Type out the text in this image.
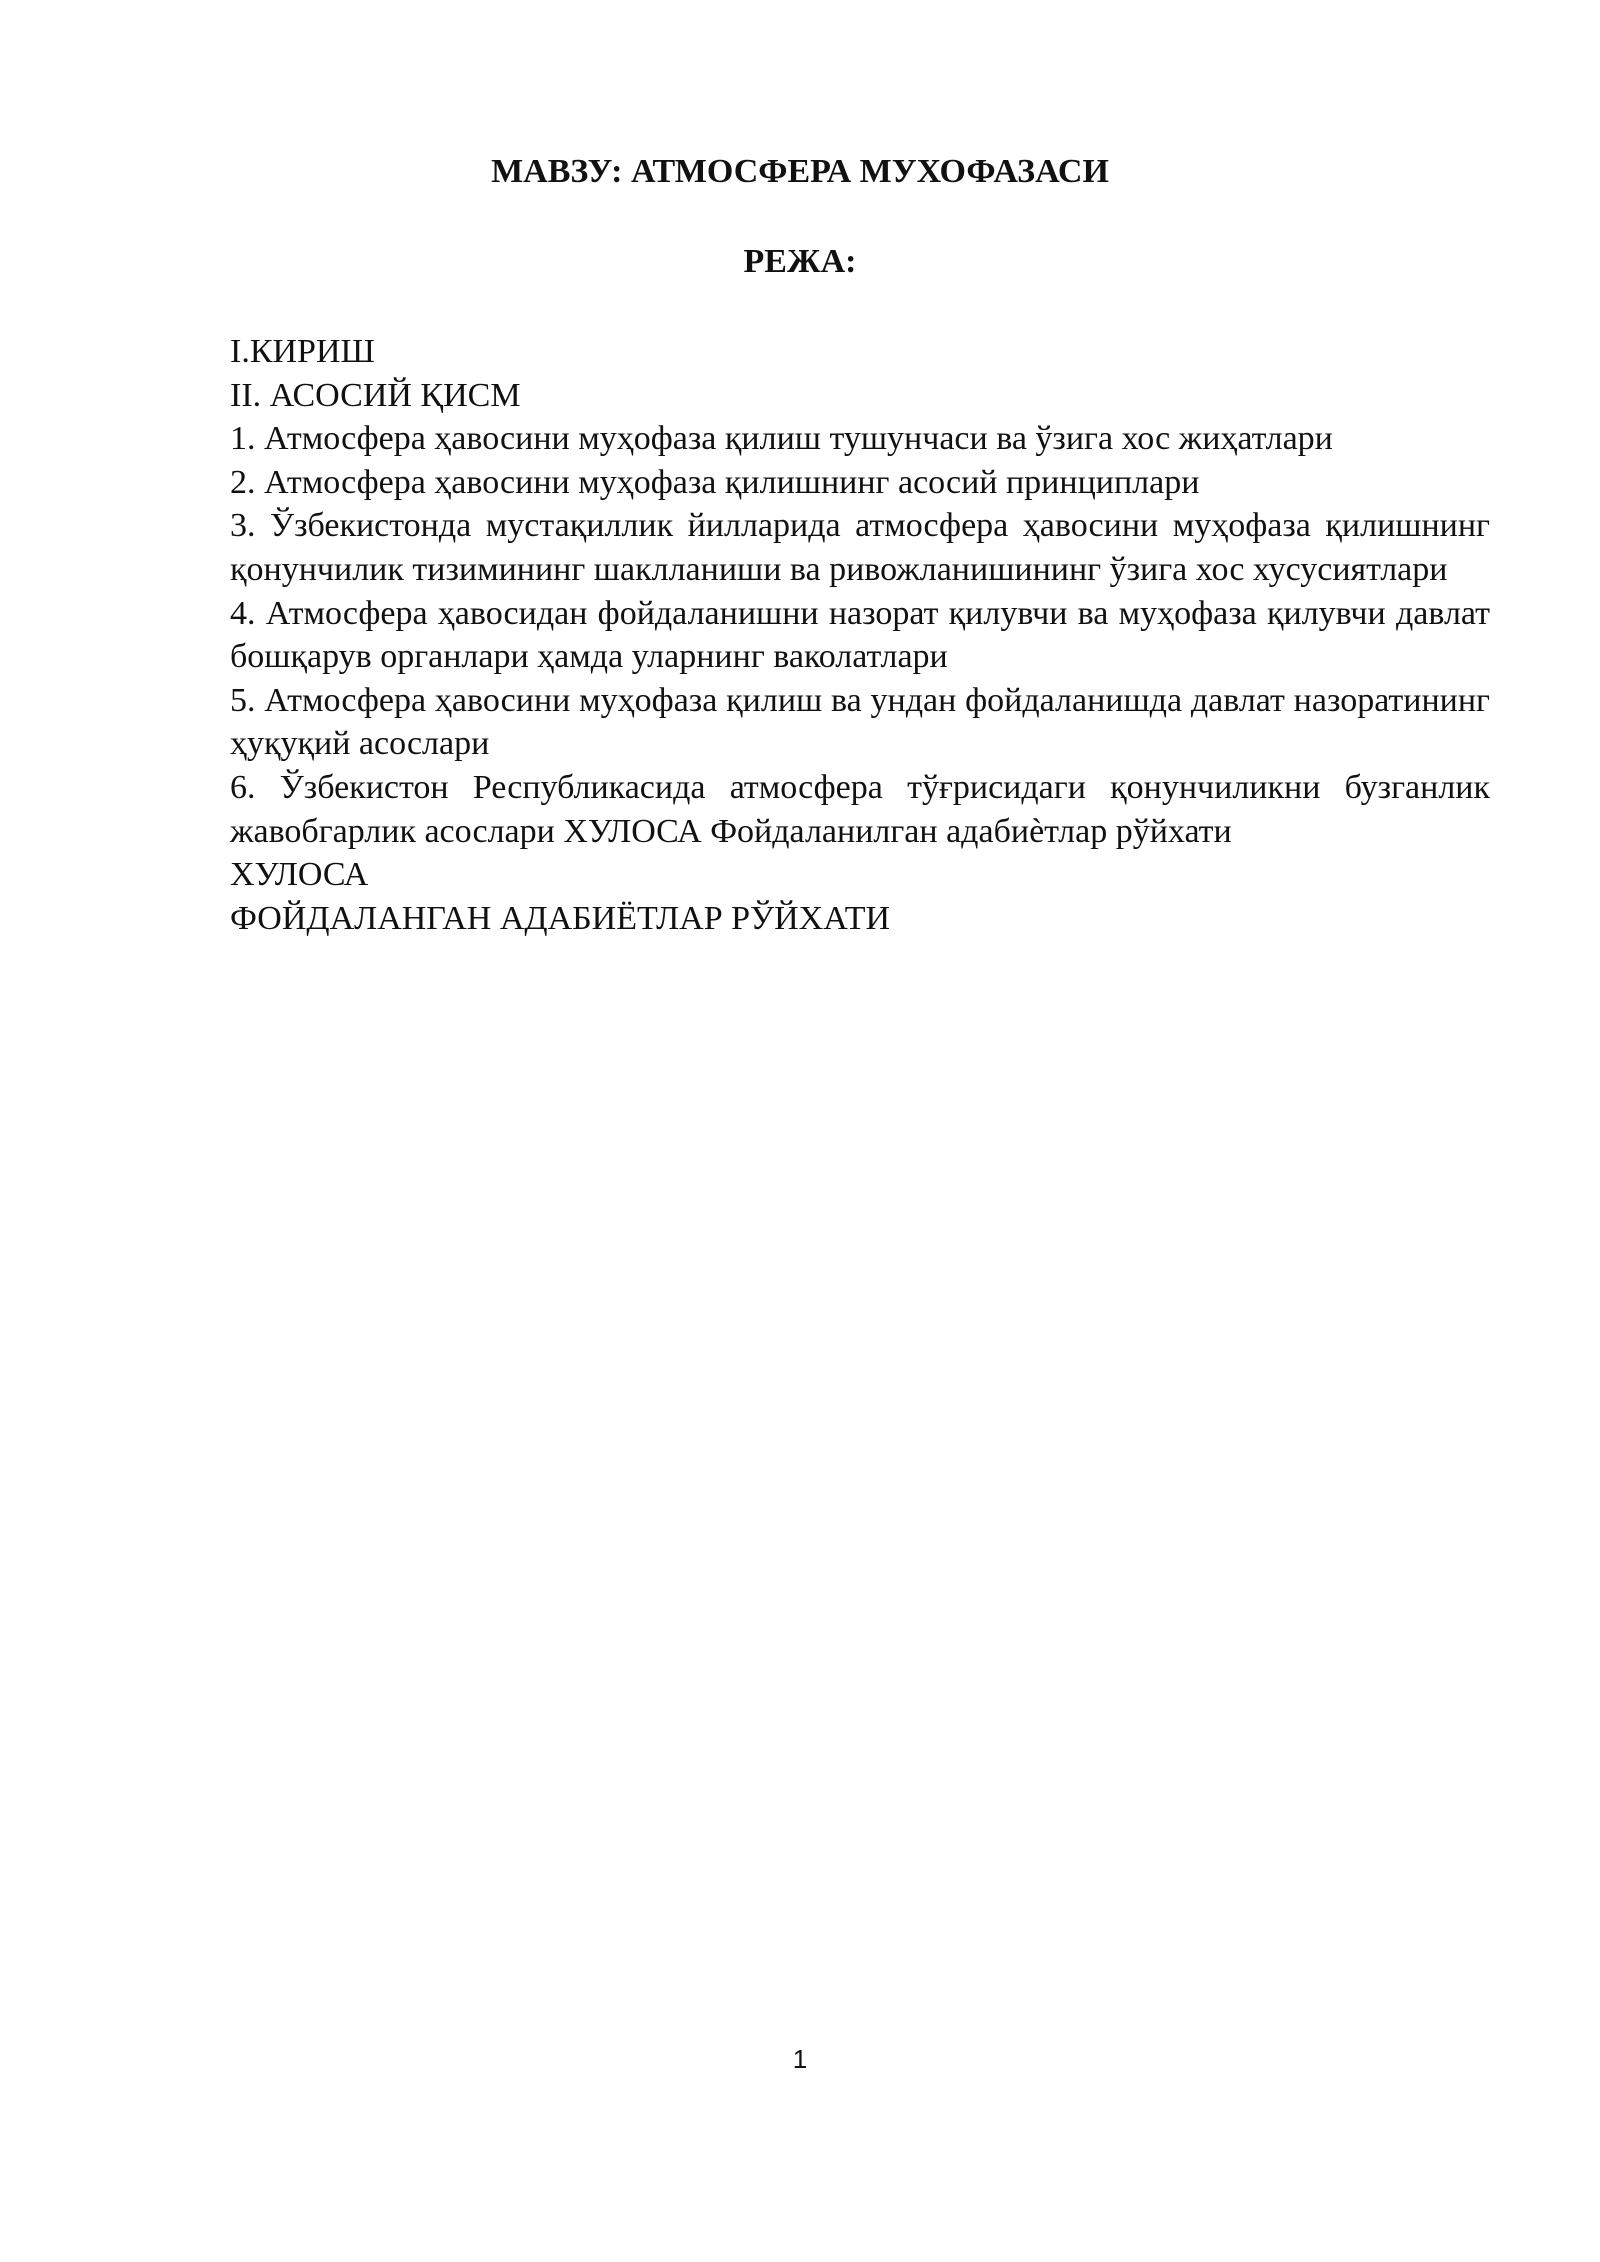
МАВЗУ: АТМОСФЕРА МУХОФАЗАСИ
РЕЖА:

I.КИРИШ

II. АСОСИЙ ҚИСМ

1. Атмосфера ҳавосини муҳофаза қилиш тушунчаси ва ўзига хос жиҳатлари

2. Атмосфера ҳавосини муҳофаза қилишнинг асосий принциплари

3. Ўзбекистонда мустақиллик йилларида атмосфера ҳавосини муҳофаза қилишнинг қонунчилик тизимининг шаклланиши ва ривожланишининг ўзига хос хусусиятлари

4. Атмосфера ҳавосидан фойдаланишни назорат қилувчи ва муҳофаза қилувчи давлат бошқарув органлари ҳамда уларнинг ваколатлари

5. Атмосфера ҳавосини муҳофаза қилиш ва ундан фойдаланишда давлат назоратининг ҳуқуқий асослари

6. Ўзбекистон Республикасида атмосфера тўғрисидаги қонунчиликни бузганлик жавобгарлик асослари ХУЛОСА Фойдаланилган адабиѐтлар рўйхати

ХУЛОСА

ФОЙДАЛАНГАН АДАБИЁТЛАР РЎЙХАТИ

1
